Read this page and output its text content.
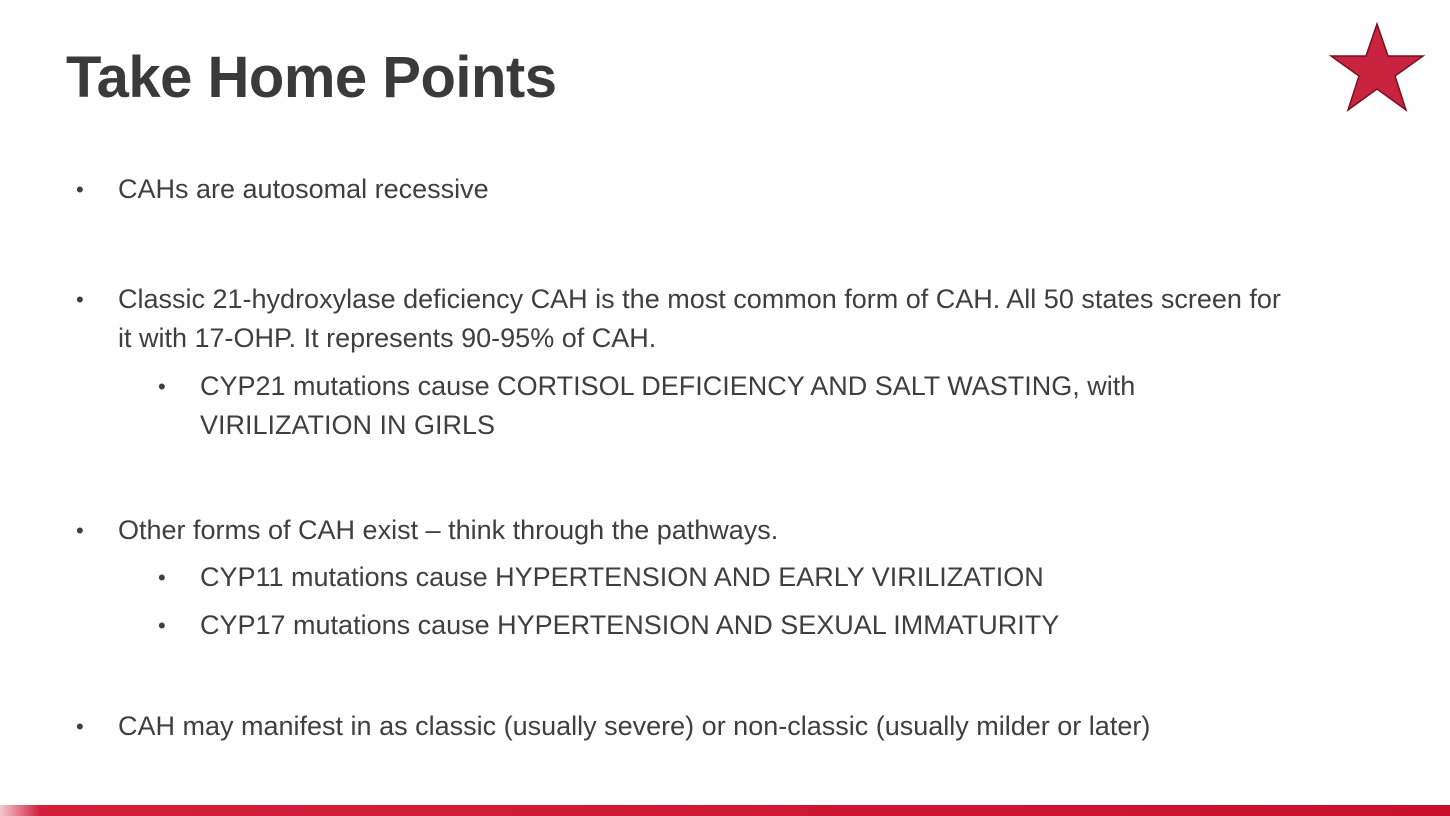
Take Home Points
• CAHs are autosomal recessive
• Classic 21-hydroxylase deficiency CAH is the most common form of CAH. All 50 states screen for it with 17-OHP. It represents 90-95% of CAH.
• CYP21 mutations cause CORTISOL DEFICIENCY AND SALT WASTING, with VIRILIZATION IN GIRLS
• Other forms of CAH exist – think through the pathways.
• CYP11 mutations cause HYPERTENSION AND EARLY VIRILIZATION
• CYP17 mutations cause HYPERTENSION AND SEXUAL IMMATURITY
• CAH may manifest in as classic (usually severe) or non-classic (usually milder or later)
